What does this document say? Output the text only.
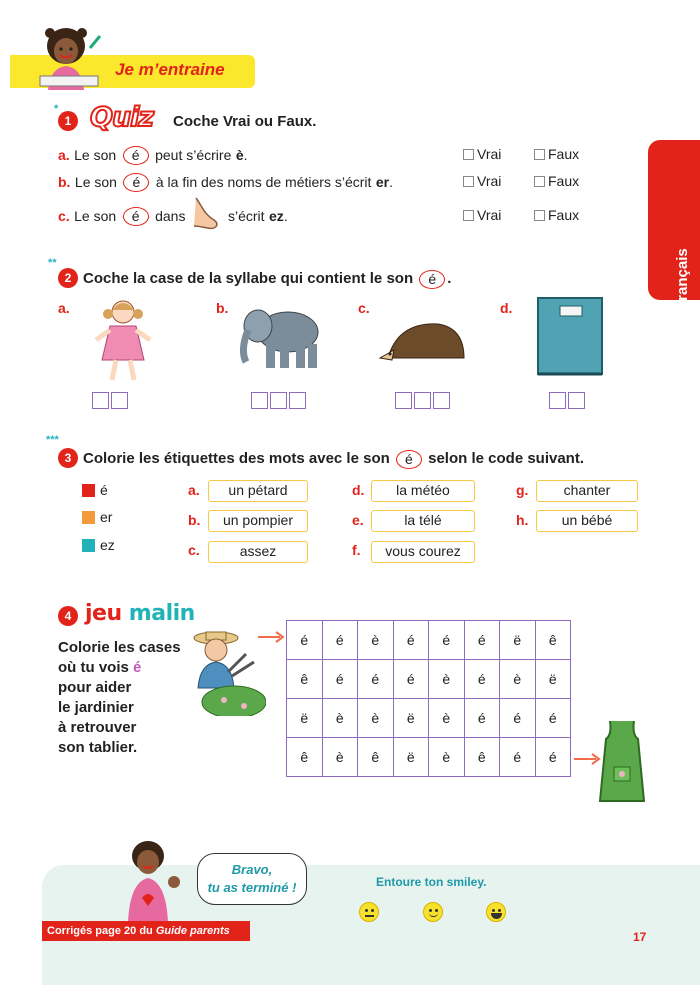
Je m’entraine
Français
*
1 Quiz Coche Vrai ou Faux.
a. Le son é peut s’écrire è.	Vrai	Faux
b. Le son é à la fin des noms de métiers s’écrit er.	Vrai	Faux
c. Le son é dans	s’écrit ez.	Vrai	Faux
**
2 Coche la case de la syllabe qui contient le son é .
a.	b.	c.	d.
***
3 Colorie les étiquettes des mots avec le son é selon le code suivant.
é
er
ez
a.	un pétard
b.	un pompier
c.	assez
d.	la météo
e.	la télé
f.	vous courez
g.	chanter
h.	un bébé
4 jeu malin
Colorie les cases
où tu vois é
pour aider
le jardinier
à retrouver
son tablier.
é	é	è	é	é	é	ë	ê
ê	é	é	é	è	é	è	ë
ë	è	è	ë	è	é	é	é
ê	è	ê	ë	è	ê	é	é
Bravo,
tu as terminé !	Entoure ton smiley.
Corrigés page 20 du Guide parents	17
